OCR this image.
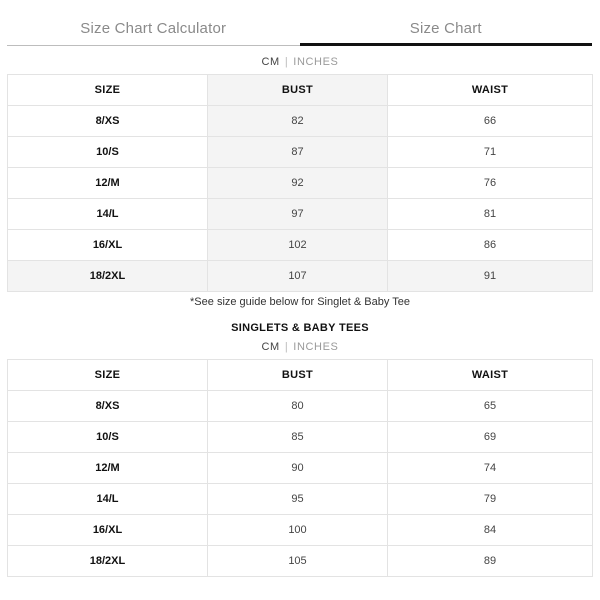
Size Chart Calculator	Size Chart
CM | INCHES
SIZE	BUST	WAIST
8/XS	82	66
10/S	87	71
12/M	92	76
14/L	97	81
16/XL	102	86
18/2XL	107	91
*See size guide below for Singlet & Baby Tee
SINGLETS & BABY TEES
CM | INCHES
SIZE	BUST	WAIST
8/XS	80	65
10/S	85	69
12/M	90	74
14/L	95	79
16/XL	100	84
18/2XL	105	89
